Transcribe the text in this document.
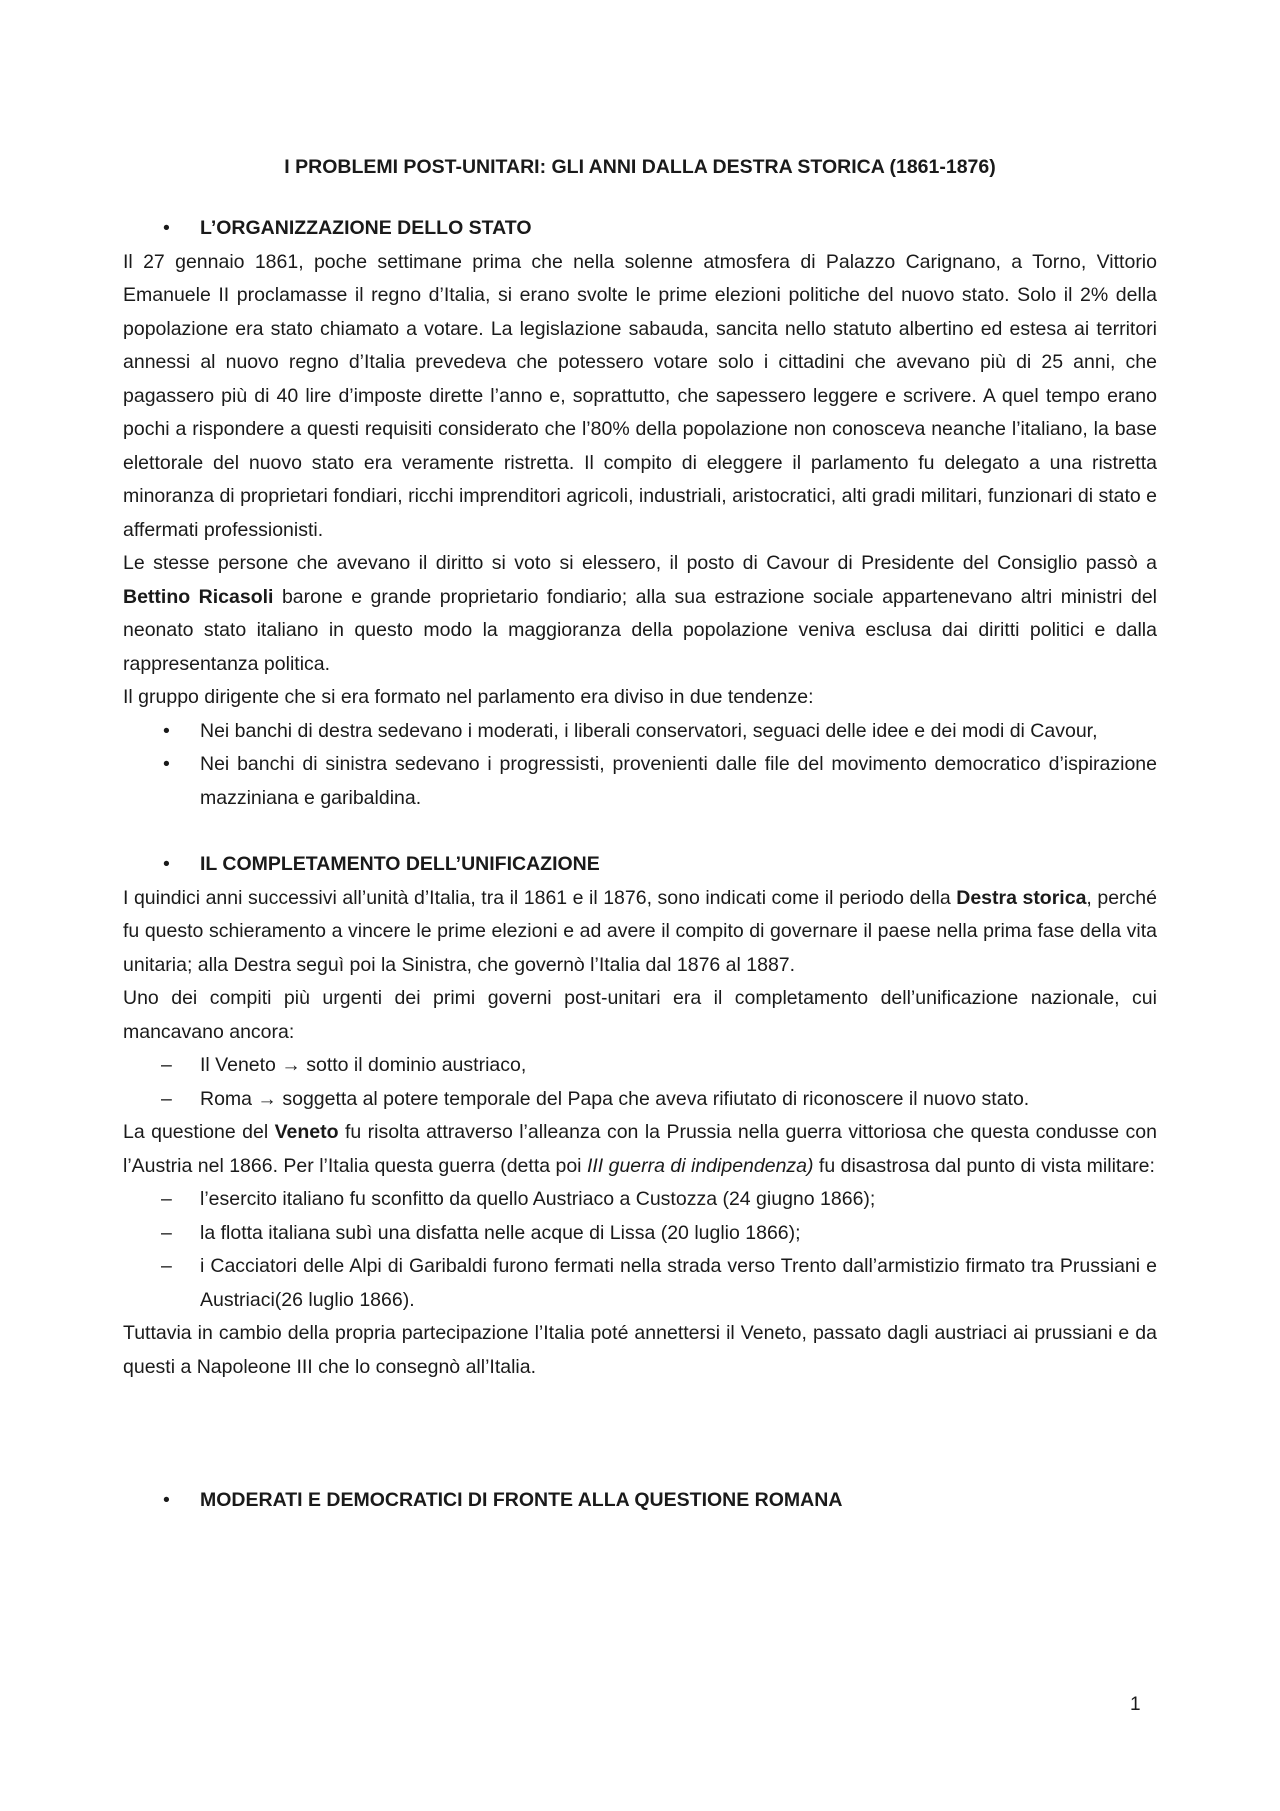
I PROBLEMI POST-UNITARI: GLI ANNI DALLA DESTRA STORICA (1861-1876)
• L’ORGANIZZAZIONE DELLO STATO

Il 27 gennaio 1861, poche settimane prima che nella solenne atmosfera di Palazzo Carignano, a Torno, Vittorio Emanuele II proclamasse il regno d’Italia, si erano svolte le prime elezioni politiche del nuovo stato. Solo il 2% della popolazione era stato chiamato a votare. La legislazione sabauda, sancita nello statuto albertino ed estesa ai territori annessi al nuovo regno d’Italia prevedeva che potessero votare solo i cittadini che avevano più di 25 anni, che pagassero più di 40 lire d’imposte dirette l’anno e, soprattutto, che sapessero leggere e scrivere. A quel tempo erano pochi a rispondere a questi requisiti considerato che l’80% della popolazione non conosceva neanche l’italiano, la base elettorale del nuovo stato era veramente ristretta. Il compito di eleggere il parlamento fu delegato a una ristretta minoranza di proprietari fondiari, ricchi imprenditori agricoli, industriali, aristocratici, alti gradi militari, funzionari di stato e affermati professionisti.

Le stesse persone che avevano il diritto si voto si elessero, il posto di Cavour di Presidente del Consiglio passò a Bettino Ricasoli barone e grande proprietario fondiario; alla sua estrazione sociale appartenevano altri ministri del neonato stato italiano in questo modo la maggioranza della popolazione veniva esclusa dai diritti politici e dalla rappresentanza politica.

Il gruppo dirigente che si era formato nel parlamento era diviso in due tendenze:

• Nei banchi di destra sedevano i moderati, i liberali conservatori, seguaci delle idee e dei modi di Cavour,
• Nei banchi di sinistra sedevano i progressisti, provenienti dalle file del movimento democratico d’ispirazione mazziniana e garibaldina.
• IL COMPLETAMENTO DELL’UNIFICAZIONE

I quindici anni successivi all’unità d’Italia, tra il 1861 e il 1876, sono indicati come il periodo della Destra storica, perché fu questo schieramento a vincere le prime elezioni e ad avere il compito di governare il paese nella prima fase della vita unitaria; alla Destra seguì poi la Sinistra, che governò l’Italia dal 1876 al 1887.

Uno dei compiti più urgenti dei primi governi post-unitari era il completamento dell’unificazione nazionale, cui mancavano ancora:

– Il Veneto → sotto il dominio austriaco,
– Roma → soggetta al potere temporale del Papa che aveva rifiutato di riconoscere il nuovo stato.

La questione del Veneto fu risolta attraverso l’alleanza con la Prussia nella guerra vittoriosa che questa condusse con l’Austria nel 1866. Per l’Italia questa guerra (detta poi III guerra di indipendenza) fu disastrosa dal punto di vista militare:

– l’esercito italiano fu sconfitto da quello Austriaco a Custozza (24 giugno 1866);
– la flotta italiana subì una disfatta nelle acque di Lissa (20 luglio 1866);
– i Cacciatori delle Alpi di Garibaldi furono fermati nella strada verso Trento dall’armistizio firmato tra Prussiani e Austriaci(26 luglio 1866).

Tuttavia in cambio della propria partecipazione l’Italia poté annettersi il Veneto, passato dagli austriaci ai prussiani e da questi a Napoleone III che lo consegnò all’Italia.

• MODERATI E DEMOCRATICI DI FRONTE ALLA QUESTIONE ROMANA
1
